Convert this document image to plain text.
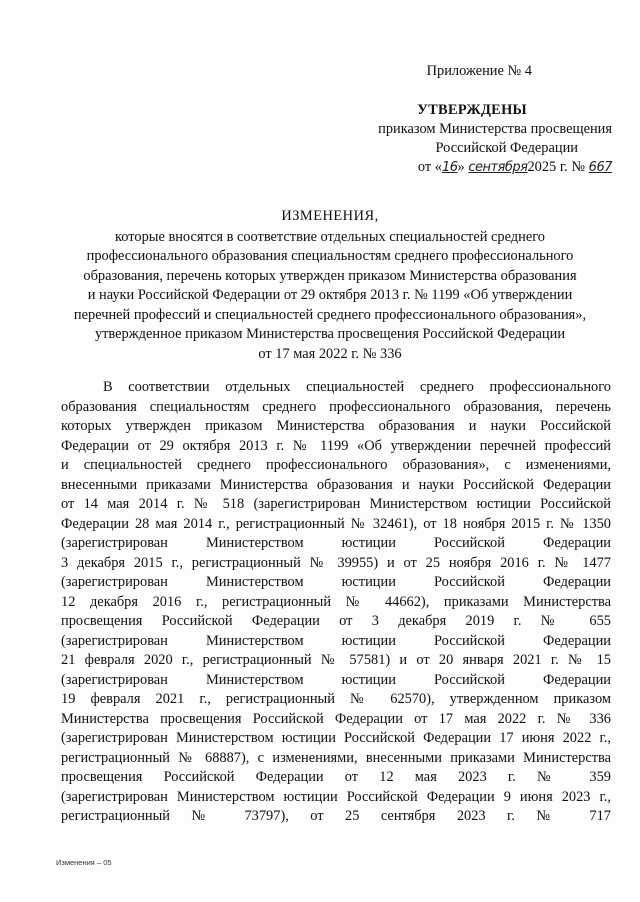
Приложение № 4
УТВЕРЖДЕНЫ
приказом Министерства просвещения
Российской Федерации
от «16» сентября2025 г. № 667
ИЗМЕНЕНИЯ,
которые вносятся в соответствие отдельных специальностей среднего
профессионального образования специальностям среднего профессионального
образования, перечень которых утвержден приказом Министерства образования
и науки Российской Федерации от 29 октября 2013 г. № 1199 «Об утверждении
перечней профессий и специальностей среднего профессионального образования»,
утвержденное приказом Министерства просвещения Российской Федерации
от 17 мая 2022 г. № 336
В соответствии отдельных специальностей среднего профессионального
образования специальностям среднего профессионального образования, перечень
которых утвержден приказом Министерства образования и науки Российской
Федерации от 29 октября 2013 г. № 1199 «Об утверждении перечней профессий
и специальностей среднего профессионального образования», с изменениями,
внесенными приказами Министерства образования и науки Российской Федерации
от 14 мая 2014 г. № 518 (зарегистрирован Министерством юстиции Российской
Федерации 28 мая 2014 г., регистрационный № 32461), от 18 ноября 2015 г. № 1350
(зарегистрирован Министерством юстиции Российской Федерации
3 декабря 2015 г., регистрационный № 39955) и от 25 ноября 2016 г. № 1477
(зарегистрирован Министерством юстиции Российской Федерации
12 декабря 2016 г., регистрационный № 44662), приказами Министерства
просвещения Российской Федерации от 3 декабря 2019 г. № 655
(зарегистрирован Министерством юстиции Российской Федерации
21 февраля 2020 г., регистрационный № 57581) и от 20 января 2021 г. № 15
(зарегистрирован Министерством юстиции Российской Федерации
19 февраля 2021 г., регистрационный № 62570), утвержденном приказом
Министерства просвещения Российской Федерации от 17 мая 2022 г. № 336
(зарегистрирован Министерством юстиции Российской Федерации 17 июня 2022 г.,
регистрационный № 68887), с изменениями, внесенными приказами Министерства
просвещения Российской Федерации от 12 мая 2023 г. № 359
(зарегистрирован Министерством юстиции Российской Федерации 9 июня 2023 г.,
регистрационный № 73797), от 25 сентября 2023 г. № 717
Изменения – 05
